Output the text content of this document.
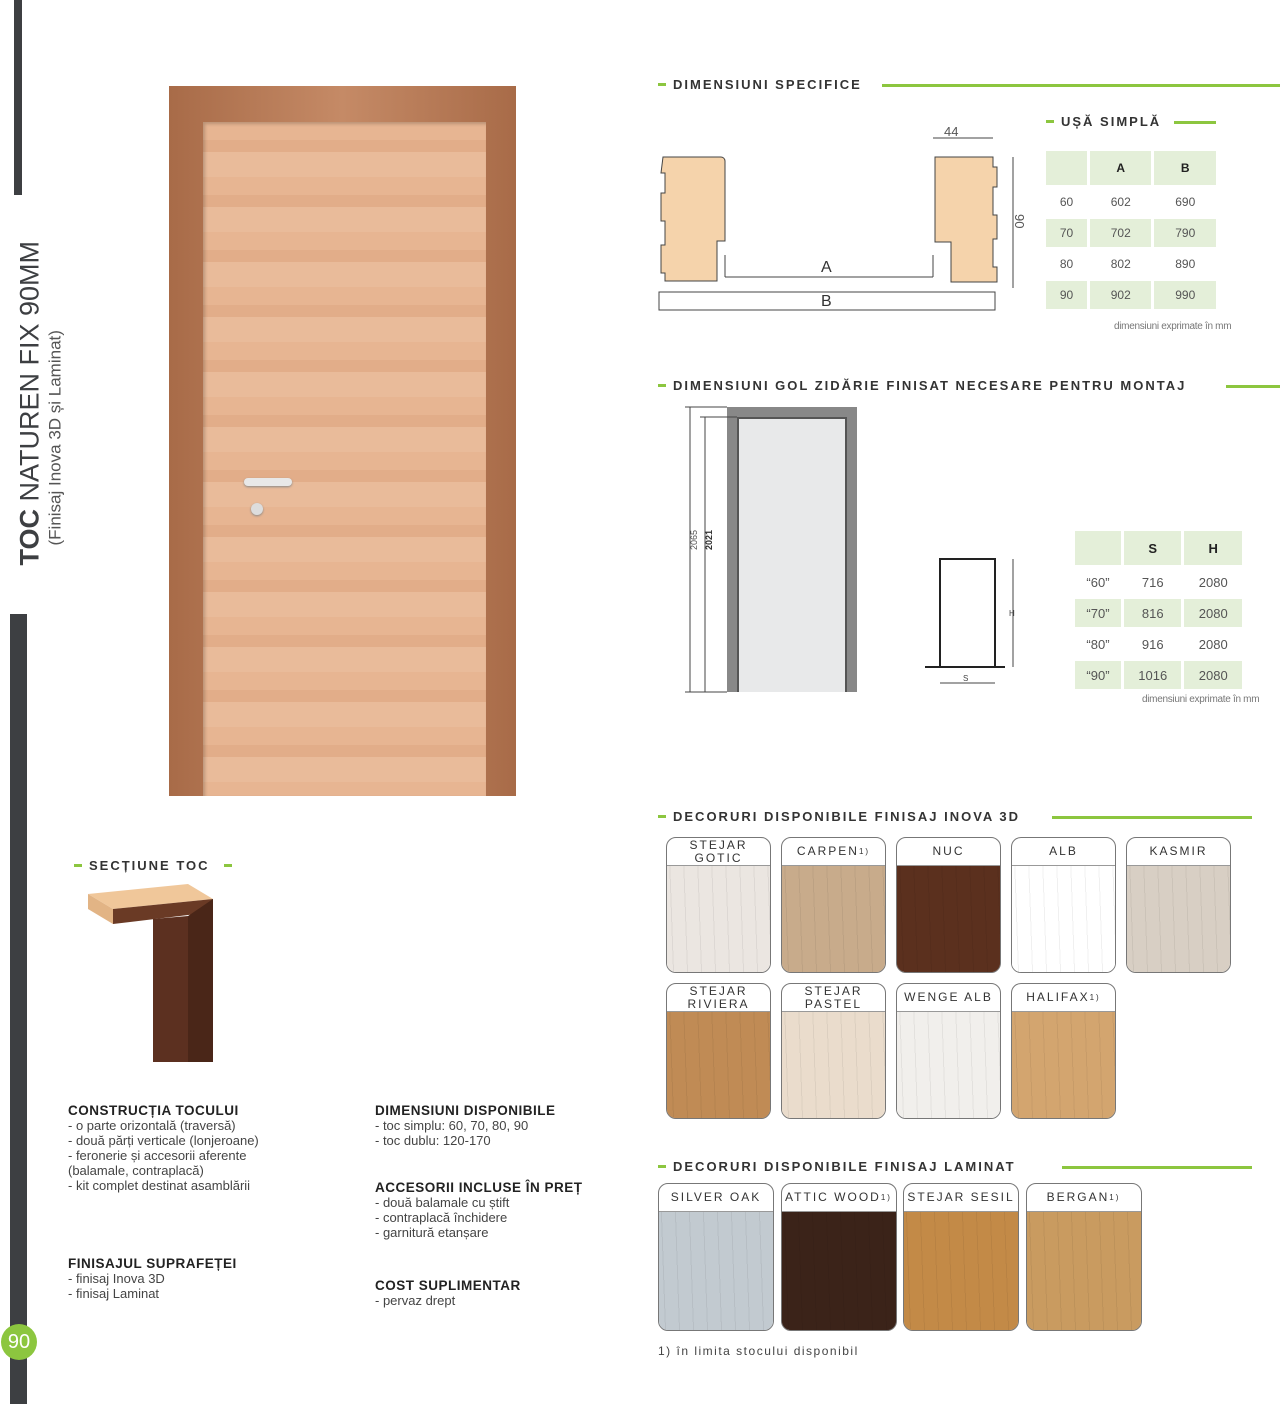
TOC NATUREN FIX 90MM (Finisaj Inova 3D și Laminat)
90
DIMENSIUNI SPECIFICE
44
90
A
B
UȘĂ SIMPLĂ
	A	B
60	602	690
70	702	790
80	802	890
90	902	990
dimensiuni exprimate în mm
DIMENSIUNI GOL ZIDĂRIE FINISAT NECESARE PENTRU MONTAJ
2065 2021
H
S
	S	H
“60”	716	2080
“70”	816	2080
“80”	916	2080
“90”	1016	2080
dimensiuni exprimate în mm
SECȚIUNE TOC
CONSTRUCȚIA TOCULUI
- o parte orizontală (traversă)
- două părți verticale (lonjeroane)
- feronerie și accesorii aferente
(balamale, contraplacă)
- kit complet destinat asamblării
FINISAJUL SUPRAFEȚEI
- finisaj Inova 3D
- finisaj Laminat
DIMENSIUNI DISPONIBILE
- toc simplu: 60, 70, 80, 90
- toc dublu: 120-170
ACCESORII INCLUSE ÎN PREȚ
- două balamale cu știft
- contraplacă închidere
- garnitură etanșare
COST SUPLIMENTAR
- pervaz drept
DECORURI DISPONIBILE FINISAJ INOVA 3D
STEJAR GOTIC	CARPEN 1)	NUC	ALB	KASMIR
STEJAR RIVIERA
STEJAR PASTEL	WENGE ALB	HALIFAX 1)
DECORURI DISPONIBILE FINISAJ LAMINAT
SILVER OAK ATTIC WOOD 1) STEJAR SESIL	BERGAN 1)
1) în limita stocului disponibil
